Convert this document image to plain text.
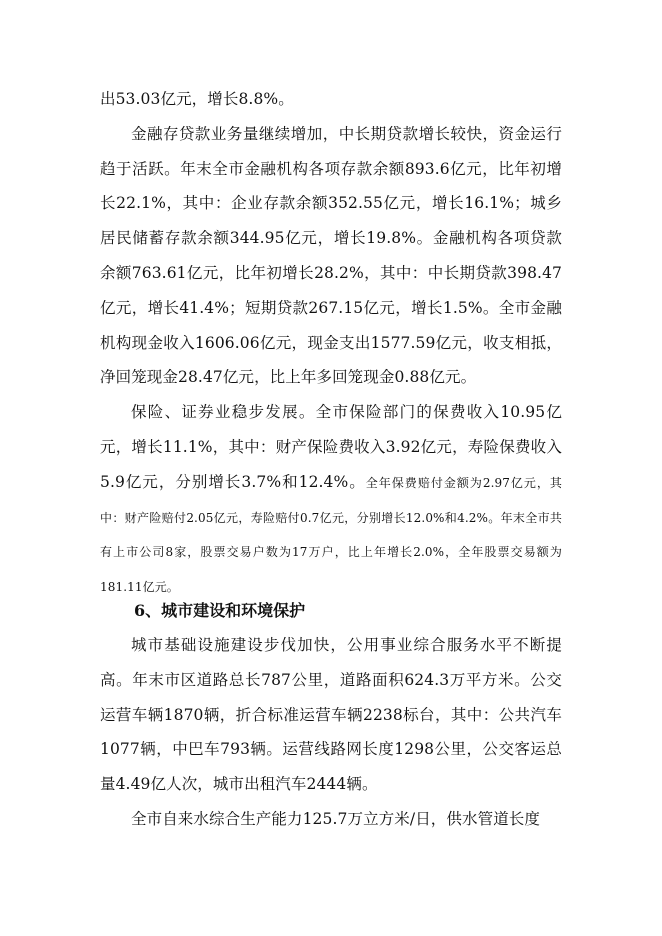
出53.03亿元，增长8.8%。

金融存贷款业务量继续增加，中长期贷款增长较快，资金运行趋于活跃。年末全市金融机构各项存款余额893.6亿元，比年初增长22.1%，其中：企业存款余额352.55亿元，增长16.1%；城乡居民储蓄存款余额344.95亿元，增长19.8%。金融机构各项贷款余额763.61亿元，比年初增长28.2%，其中：中长期贷款398.47亿元，增长41.4%；短期贷款267.15亿元，增长1.5%。全市金融机构现金收入1606.06亿元，现金支出1577.59亿元，收支相抵，净回笼现金28.47亿元，比上年多回笼现金0.88亿元。

保险、证券业稳步发展。全市保险部门的保费收入10.95亿元，增长11.1%，其中：财产保险费收入3.92亿元，寿险保费收入5.9亿元，分别增长3.7%和12.4%。全年保费赔付金额为2.97亿元，其中：财产险赔付2.05亿元，寿险赔付0.7亿元，分别增长12.0%和4.2%。年末全市共有上市公司8家，股票交易户数为17万户，比上年增长2.0%，全年股票交易额为181.11亿元。

6、城市建设和环境保护

城市基础设施建设步伐加快，公用事业综合服务水平不断提高。年末市区道路总长787公里，道路面积624.3万平方米。公交运营车辆1870辆，折合标准运营车辆2238标台，其中：公共汽车1077辆，中巴车793辆。运营线路网长度1298公里，公交客运总量4.49亿人次，城市出租汽车2444辆。

全市自来水综合生产能力125.7万立方米/日，供水管道长度
